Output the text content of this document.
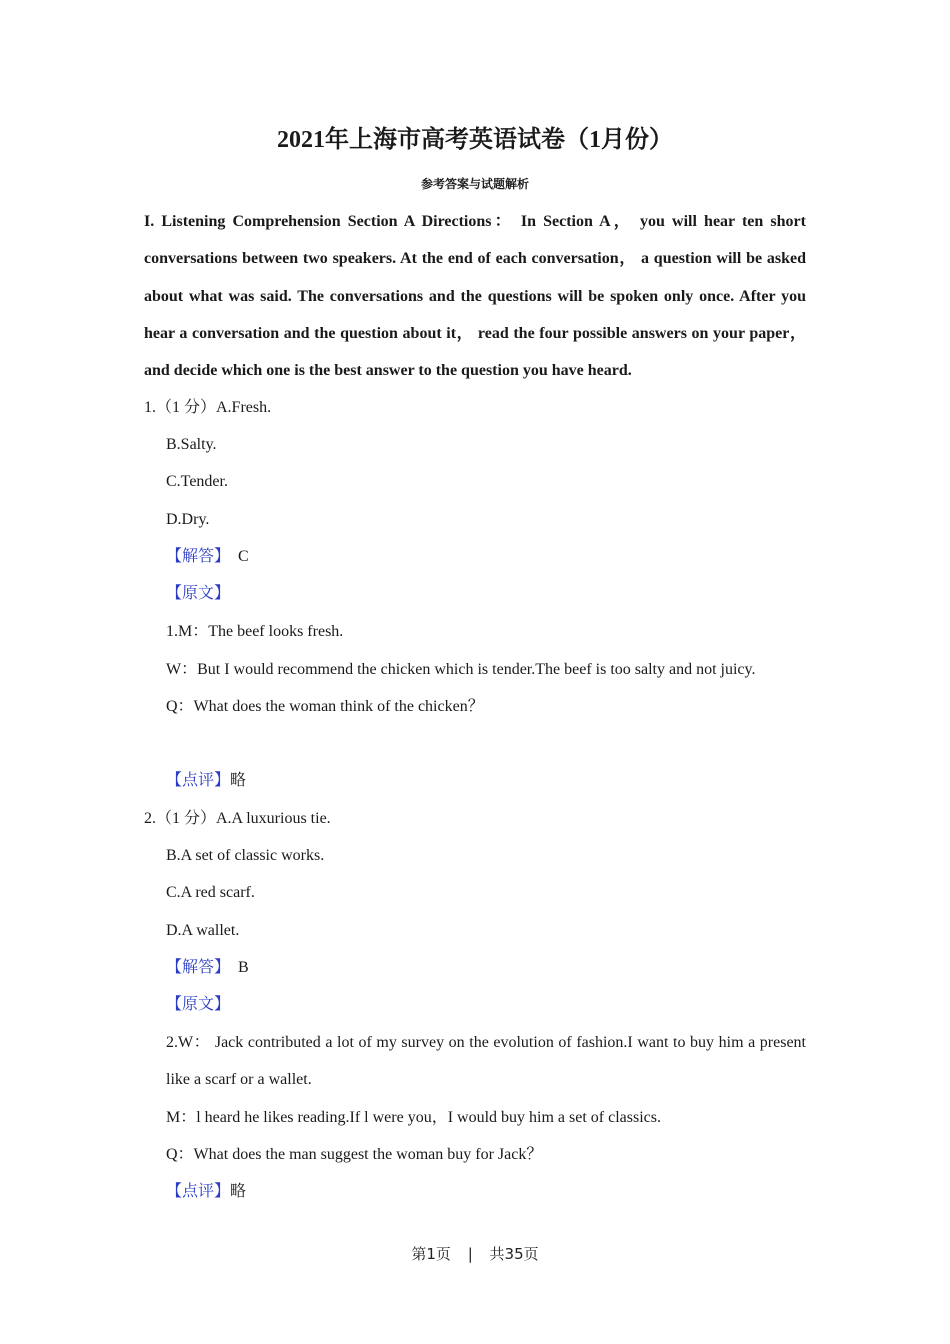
2021年上海市高考英语试卷（1月份）
参考答案与试题解析
I. Listening Comprehension Section A Directions： In Section A， you will hear ten short conversations between two speakers. At the end of each conversation， a question will be asked about what was said. The conversations and the questions will be spoken only once. After you hear a conversation and the question about it， read the four possible answers on your paper， and decide which one is the best answer to the question you have heard.
1.（1 分）A.Fresh.
B.Salty.
C.Tender.
D.Dry.
【解答】 C
【原文】
1.M：The beef looks fresh.
W：But I would recommend the chicken which is tender.The beef is too salty and not juicy.
Q：What does the woman think of the chicken？
【点评】略
2.（1 分）A.A luxurious tie.
B.A set of classic works.
C.A red scarf.
D.A wallet.
【解答】 B
【原文】
2.W： Jack contributed a lot of my survey on the evolution of fashion.I want to buy him a present like a scarf or a wallet.
M：l heard he likes reading.If l were you，I would buy him a set of classics.
Q：What does the man suggest the woman buy for Jack？
【点评】略
第1页 | 共35页
